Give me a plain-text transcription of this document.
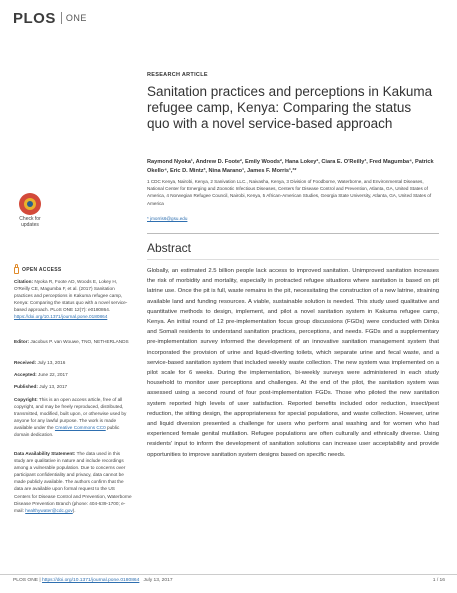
PLOS ONE
RESEARCH ARTICLE
Sanitation practices and perceptions in Kakuma refugee camp, Kenya: Comparing the status quo with a novel service-based approach
Raymond Nyoka¹, Andrew D. Foote², Emily Woods², Hana Lokey², Ciara E. O'Reilly³, Fred Magumba⁴, Patrick Okello⁴, Eric D. Mintz³, Nina Marano¹, James F. Morris¹,³*
1 CDC Kenya, Nairobi, Kenya, 2 Sanivation LLC., Naivasha, Kenya, 3 Division of Foodborne, Waterborne, and Environmental Diseases, National Center for Emerging and Zoonotic Infectious Diseases, Centers for Disease Control and Prevention, Atlanta, GA, United States of America, 4 Norwegian Refugee Council, Nairobi, Kenya, 5 African-American Studies, Georgia State University, Atlanta, GA, United States of America
* jmorris6@gsu.edu
Check for
updates
Abstract
OPEN ACCESS
Citation: Nyoka R, Foote AD, Woods E, Lokey H, O'Reilly CE, Magumba F, et al. (2017) Sanitation practices and perceptions in Kakuma refugee camp, Kenya: Comparing the status quo with a novel service-based approach. PLoS ONE 12(7): e0180864. https://doi.org/10.1371/journal.pone.0180864
Editor: Jacobus P. van Wouwe, TNO, NETHERLANDS
Received: July 13, 2016
Accepted: June 22, 2017
Published: July 13, 2017
Copyright: This is an open access article, free of all copyright, and may be freely reproduced, distributed, transmitted, modified, built upon, or otherwise used by anyone for any lawful purpose. The work is made available under the Creative Commons CC0 public domain dedication.
Data Availability Statement: The data used in this study are qualitative in nature and include recordings among a vulnerable population. Due to concerns over participant confidentiality and privacy, data cannot be made publicly available. The authors confirm that the data are available upon formal request to the US Centers for Disease Control and Prevention, Waterborne Disease Prevention Branch (phone: 404-639-1700; e-mail: healthywater@cdc.gov).

Globally, an estimated 2.5 billion people lack access to improved sanitation. Unimproved sanitation increases the risk of morbidity and mortality, especially in protracted refugee situations where sanitation is based on pit latrine use. Once the pit is full, waste remains in the pit, necessitating the construction of a new latrine, straining available land and funding resources. A viable, sustainable solution is needed. This study used qualitative and quantitative methods to design, implement, and pilot a novel sanitation system in Kakuma refugee camp, Kenya. An initial round of 12 pre-implementation focus group discussions (FGDs) were conducted with Dinka and Somali residents to understand sanitation practices, perceptions, and needs. FGDs and a supplementary pre-implementation survey informed the development of an innovative sanitation management system that incorporated the provision of urine and liquid-diverting toilets, which separate urine and fecal waste, and a service-based sanitation system that included weekly waste collection. The new system was implemented on a pilot scale for 6 weeks. During the implementation, bi-weekly surveys were administered in each study household to monitor user perceptions and challenges. At the end of the pilot, the sanitation system was assessed using a second round of four post-implementation FGDs. Those who piloted the new sanitation system reported high levels of user satisfaction. Reported benefits included odor reduction, insect/pest reduction, the sitting design, the appropriateness for special populations, and waste collection. However, urine and liquid diversion presented a challenge for users who perform anal washing and for women who had experienced female genital mutilation. Refugee populations are often culturally and ethnically diverse. Using residents' input to inform the development of sanitation solutions can increase user acceptability and provide opportunities to improve sanitation system designs based on specific needs.

PLOS ONE | https://doi.org/10.1371/journal.pone.0180864 July 13, 2017	1 / 16
